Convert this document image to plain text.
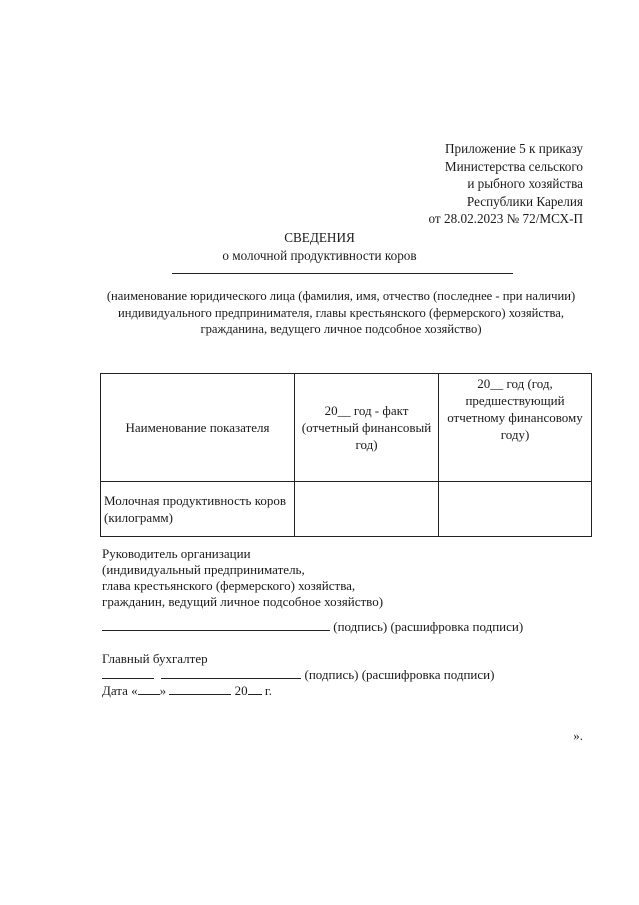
Приложение 5 к приказу
Министерства сельского
и рыбного хозяйства
Республики Карелия
от 28.02.2023 № 72/МСХ-П
СВЕДЕНИЯ
о молочной продуктивности коров
(наименование юридического лица (фамилия, имя, отчество (последнее - при наличии)
индивидуального предпринимателя, главы крестьянского (фермерского) хозяйства,
гражданина, ведущего личное подсобное хозяйство)
Наименование показателя	20__ год - факт (отчетный финансовый год)	20__ год (год, предшествующий отчетному финансовому году)
Молочная продуктивность коров (килограмм)		
Руководитель организации
(индивидуальный предприниматель,
глава крестьянского (фермерского) хозяйства,
гражданин, ведущий личное подсобное хозяйство)
(подпись) (расшифровка подписи)
Главный бухгалтер
(подпись) (расшифровка подписи)
Дата « »	20 г.
».
